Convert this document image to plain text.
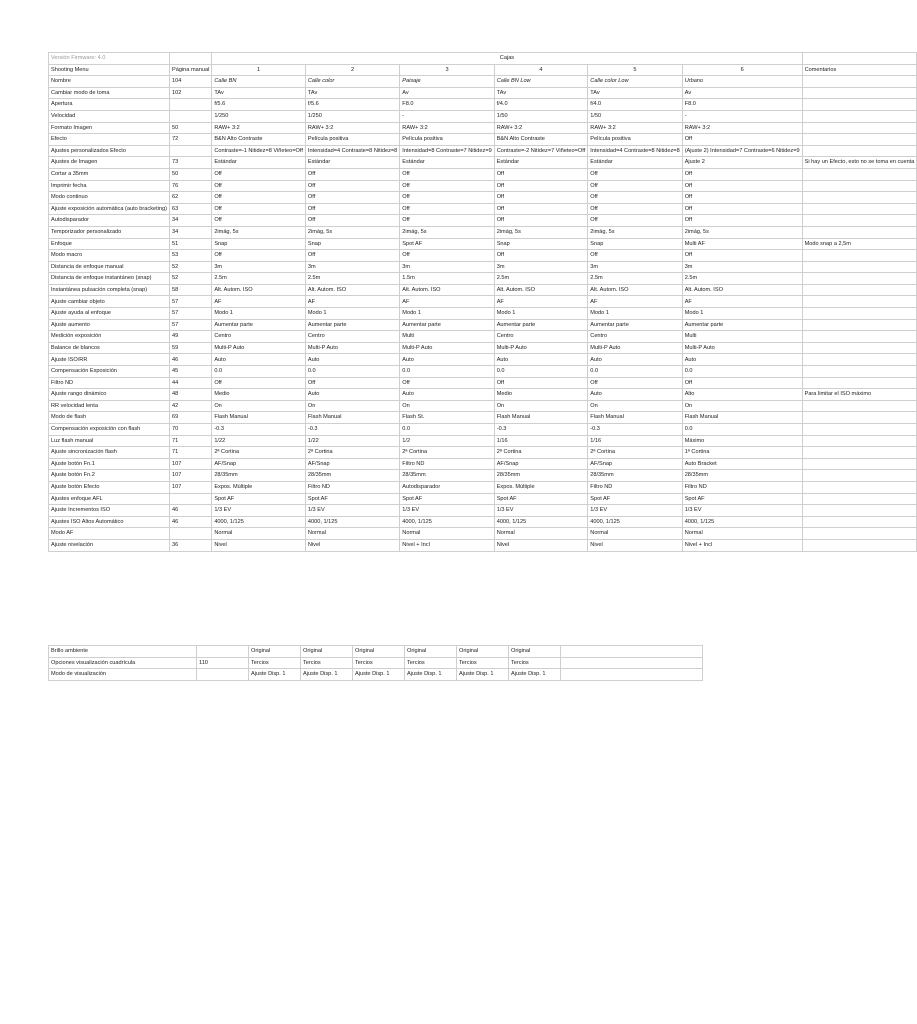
Versión Firmware: 4.0		Cajas						
Shooting Menu	Página manual	1	2	3	4	5	6	Comentarios
Nombre	104	Calle BN	Calle color	Paisaje	Calle BN Low	Calle color Low	Urbano	
Cambiar modo de toma	102	TAv	TAv	Av	TAv	TAv	Av	
Apertura		f/5.6	f/5.6	F8.0	f/4.0	f/4.0	F8.0	
Velocidad		1/250	1/250	-	1/50	1/50	-	
Formato Imagen	50	RAW+ 3:2	RAW+ 3:2	RAW+ 3:2	RAW+ 3:2	RAW+ 3:2	RAW+ 3:2	
Efecto	72	B&N Alto Contraste	Película positiva	Película positiva	B&N Alto Contraste	Película positiva	Off	
Ajustes personalizados Efecto		Contraste=-1 Nitidez=8 Viñeteo=Off	Intensidad=4 Contraste=8 Nitidez=8	Intensidad=8 Contraste=7 Nitidez=9	Contraste=-2 Nitidez=7 Viñeteo=Off	Intensidad=4 Contraste=8 Nitidez=8	(Ajuste 2) Intensidad=7 Contraste=6 Nitidez=9	
Ajustes de Imagen	73	Estándar	Estándar	Estándar	Estándar	Estándar	Ajuste 2	Si hay un Efecto, esto no se toma en cuenta
Cortar a 35mm	50	Off	Off	Off	Off	Off	Off	
Imprimir fecha	76	Off	Off	Off	Off	Off	Off	
Modo continuo	62	Off	Off	Off	Off	Off	Off	
Ajuste exposición automática (auto bracketing)	63	Off	Off	Off	Off	Off	Off	
Autodisparador	34	Off	Off	Off	Off	Off	Off	
Temporizador personalizado	34	2imág, 5s	2imág, 5s	2imág, 5s	2imág, 5s	2imág, 5s	2imág, 5s	
Enfoque	51	Snap	Snap	Spot AF	Snap	Snap	Multi AF	Modo snap a 2,5m
Modo macro	53	Off	Off	Off	Off	Off	Off	
Distancia de enfoque manual	52	3m	3m	3m	3m	3m	3m	
Distancia de enfoque instantáneo (snap)	52	2.5m	2.5m	1.5m	2.5m	2.5m	2.5m	
Instantánea pulsación completa (snap)	58	Alt. Autom. ISO	Alt. Autom. ISO	Alt. Autom. ISO	Alt. Autom. ISO	Alt. Autom. ISO	Alt. Autom. ISO	
Ajuste cambiar objeto	57	AF	AF	AF	AF	AF	AF	
Ajuste ayuda al enfoque	57	Modo 1	Modo 1	Modo 1	Modo 1	Modo 1	Modo 1	
Ajuste aumento	57	Aumentar parte	Aumentar parte	Aumentar parte	Aumentar parte	Aumentar parte	Aumentar parte	
Medición exposición	49	Centro	Centro	Multi	Centro	Centro	Multi	
Balance de blancos	59	Multi-P Auto	Multi-P Auto	Multi-P Auto	Multi-P Auto	Multi-P Auto	Multi-P Auto	
Ajuste ISO/RR	46	Auto	Auto	Auto	Auto	Auto	Auto	
Compensación Exposición	45	0.0	0.0	0.0	0.0	0.0	0.0	
Filtro ND	44	Off	Off	Off	Off	Off	Off	
Ajuste rango dinámico	48	Medio	Auto	Auto	Medio	Auto	Alto	Para limitar el ISO máximo
RR velocidad lenta	42	On	On	On	On	On	On	
Modo de flash	69	Flash Manual	Flash Manual	Flash St.	Flash Manual	Flash Manual	Flash Manual	
Compensación exposición con flash	70	-0.3	-0.3	0.0	-0.3	-0.3	0.0	
Luz flash manual	71	1/22	1/22	1/2	1/16	1/16	Máximo	
Ajuste sincronización flash	71	2ª Cortina	2ª Cortina	2ª Cortina	2ª Cortina	2ª Cortina	1ª Cortina	
Ajuste botón Fn.1	107	AF/Snap	AF/Snap	Filtro ND	AF/Snap	AF/Snap	Auto Bracket	
Ajuste botón Fn.2	107	28/35mm	28/35mm	28/35mm	28/35mm	28/35mm	28/35mm	
Ajuste botón Efecto	107	Expos. Múltiple	Filtro ND	Autodisparador	Expos. Múltiple	Filtro ND	Filtro ND	
Ajustes enfoque AFL		Spot AF	Spot AF	Spot AF	Spot AF	Spot AF	Spot AF	
Ajuste Incrementos ISO	46	1/3 EV	1/3 EV	1/3 EV	1/3 EV	1/3 EV	1/3 EV	
Ajustes ISO Altos Automático	46	4000, 1/125	4000, 1/125	4000, 1/125	4000, 1/125	4000, 1/125	4000, 1/125	
Modo AF		Normal	Normal	Normal	Normal	Normal	Normal	
Ajuste nivelación	36	Nivel	Nivel	Nivel + Incl	Nivel	Nivel	Nivel + Incl	
Brillo ambiente		Original	Original	Original	Original	Original	Original	
Opciones visualización cuadrícula	110	Tercios	Tercios	Tercios	Tercios	Tercios	Tercios	
Modo de visualización		Ajuste Disp. 1	Ajuste Disp. 1	Ajuste Disp. 1	Ajuste Disp. 1	Ajuste Disp. 1	Ajuste Disp. 1	
